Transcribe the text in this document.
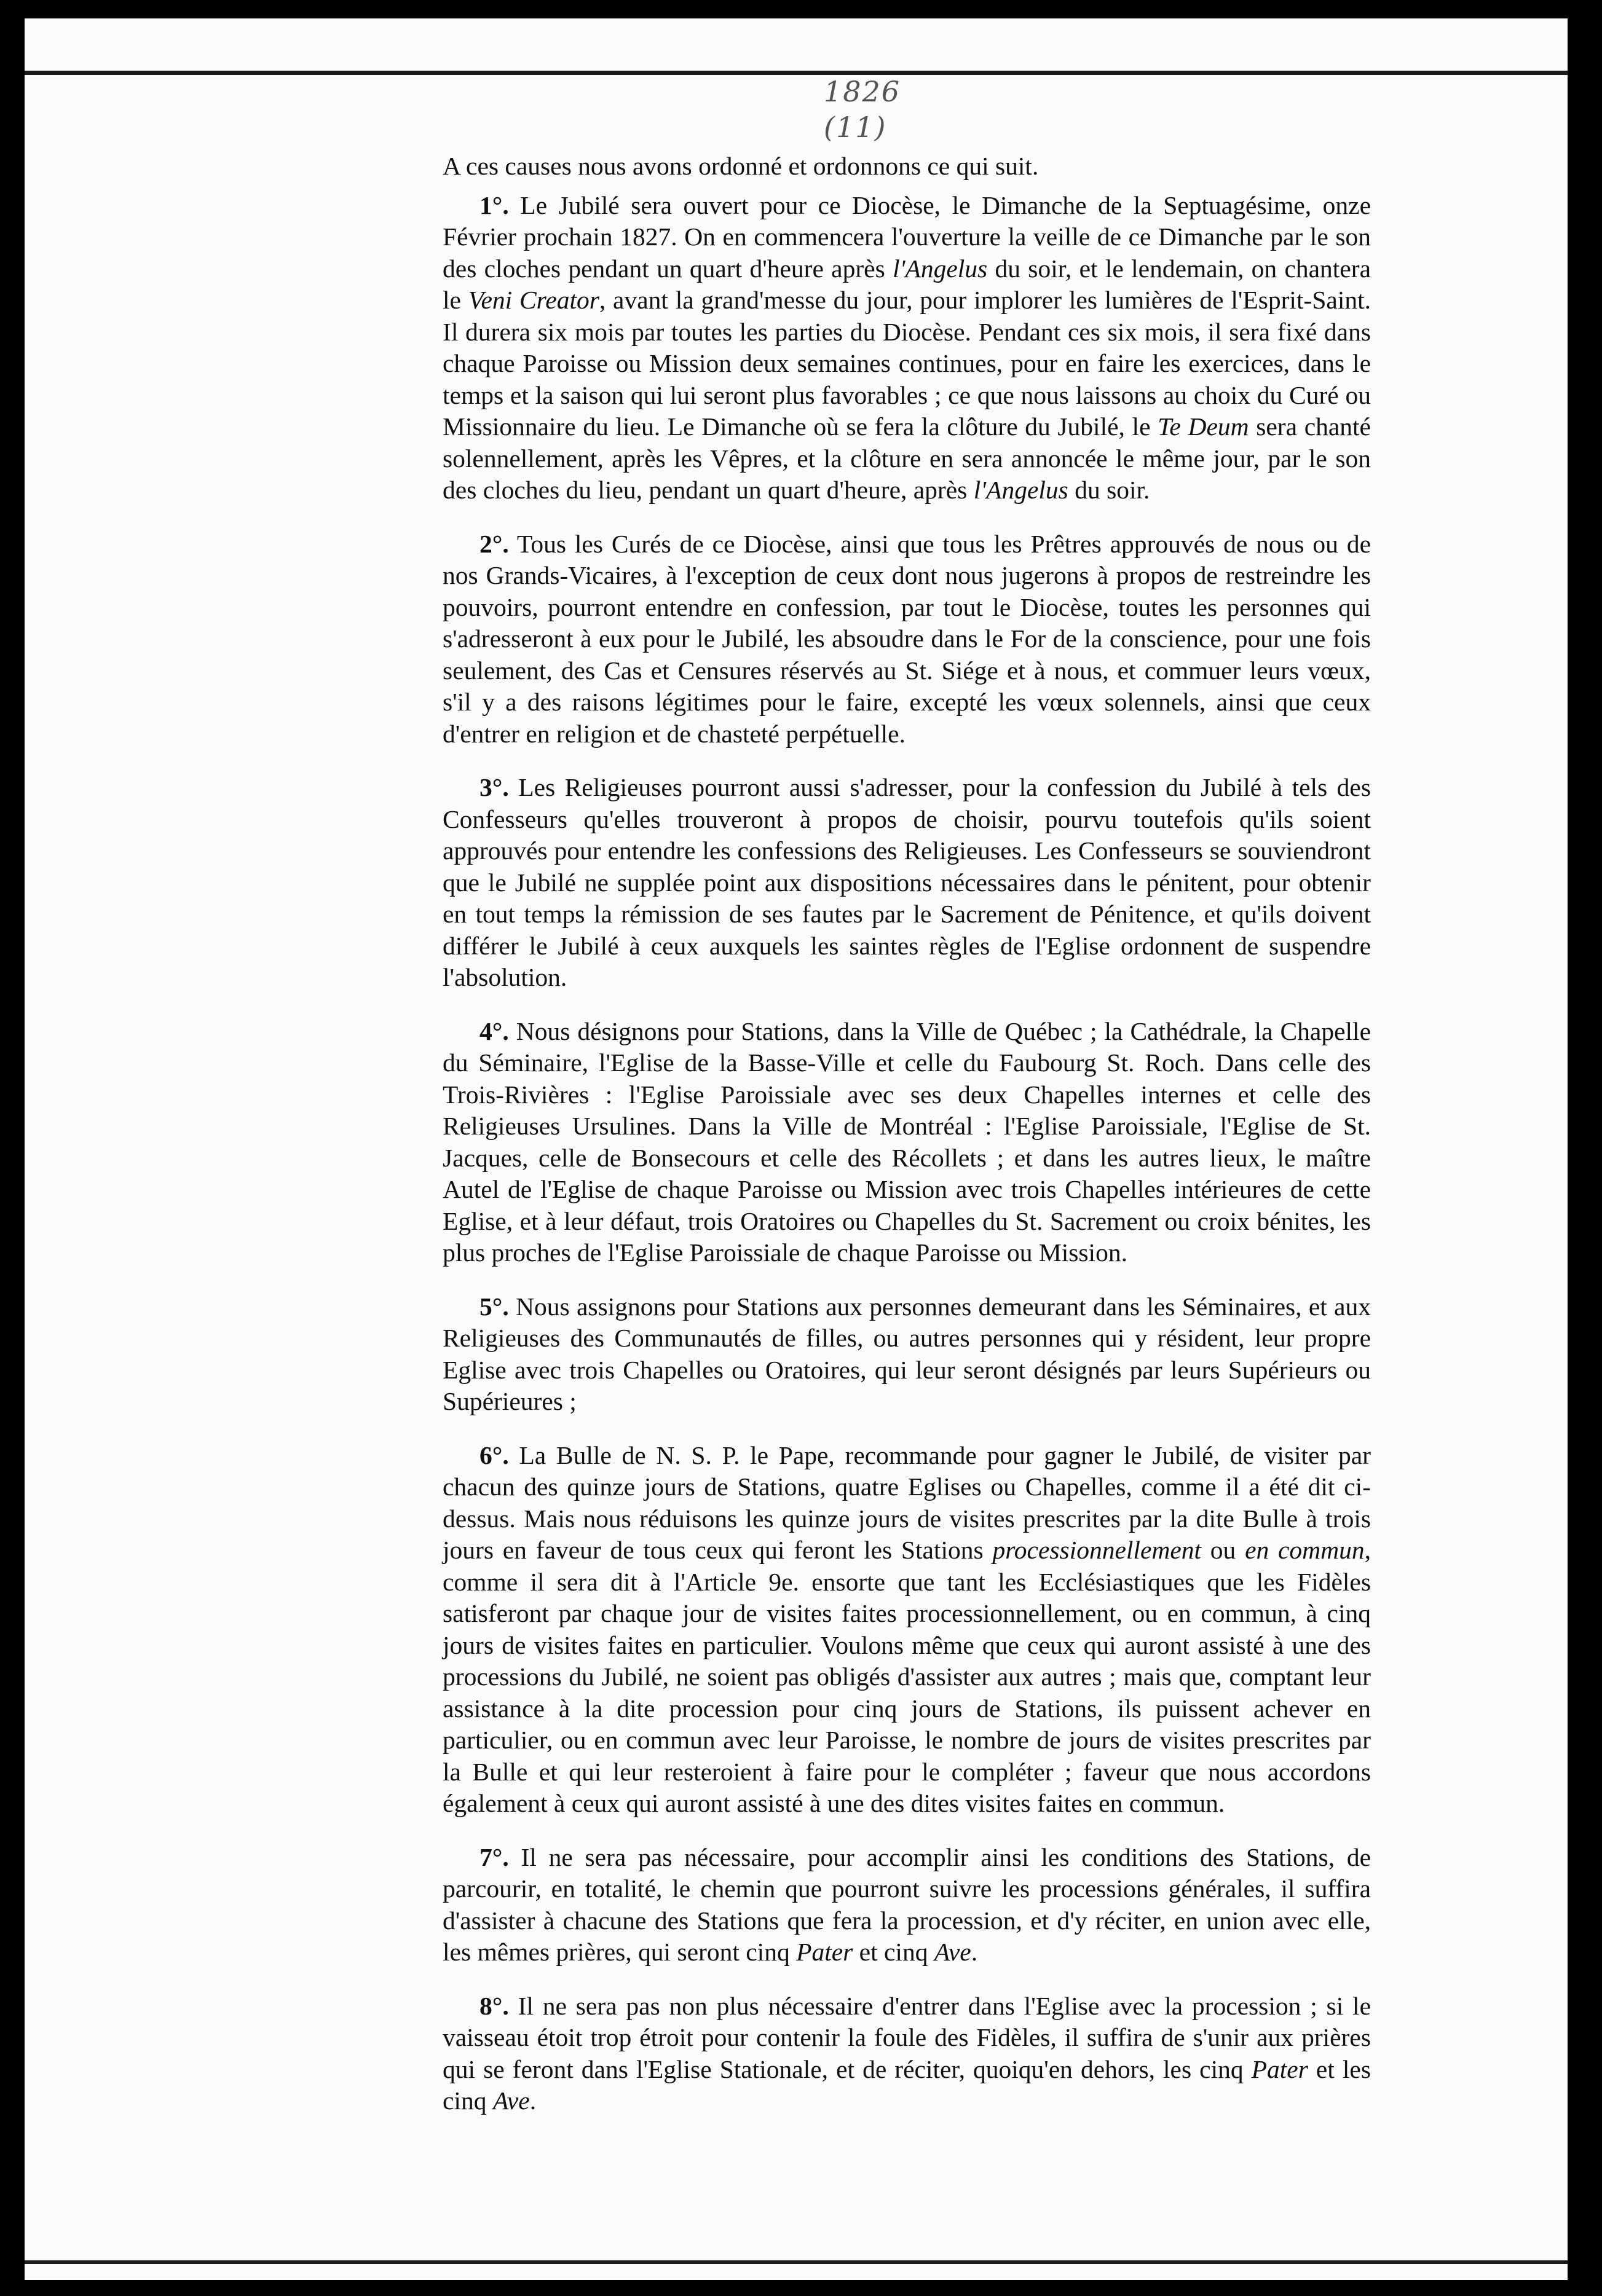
1826
(11)

A ces causes nous avons ordonné et ordonnons ce qui suit.

1°. Le Jubilé sera ouvert pour ce Diocèse, le Dimanche de la Septuagésime, onze Février prochain 1827. On en commencera l'ouverture la veille de ce Dimanche par le son des cloches pendant un quart d'heure après l'Angelus du soir, et le lendemain, on chantera le Veni Creator, avant la grand'messe du jour, pour implorer les lumières de l'Esprit-Saint. Il durera six mois par toutes les parties du Diocèse. Pendant ces six mois, il sera fixé dans chaque Paroisse ou Mission deux semaines continues, pour en faire les exercices, dans le temps et la saison qui lui seront plus favorables ; ce que nous laissons au choix du Curé ou Missionnaire du lieu. Le Dimanche où se fera la clôture du Jubilé, le Te Deum sera chanté solennellement, après les Vêpres, et la clôture en sera annoncée le même jour, par le son des cloches du lieu, pendant un quart d'heure, après l'Angelus du soir.

2°. Tous les Curés de ce Diocèse, ainsi que tous les Prêtres approuvés de nous ou de nos Grands-Vicaires, à l'exception de ceux dont nous jugerons à propos de restreindre les pouvoirs, pourront entendre en confession, par tout le Diocèse, toutes les personnes qui s'adresseront à eux pour le Jubilé, les absoudre dans le For de la conscience, pour une fois seulement, des Cas et Censures réservés au St. Siége et à nous, et commuer leurs vœux, s'il y a des raisons légitimes pour le faire, excepté les vœux solennels, ainsi que ceux d'entrer en religion et de chasteté perpétuelle.

3°. Les Religieuses pourront aussi s'adresser, pour la confession du Jubilé à tels des Confesseurs qu'elles trouveront à propos de choisir, pourvu toutefois qu'ils soient approuvés pour entendre les confessions des Religieuses. Les Confesseurs se souviendront que le Jubilé ne supplée point aux dispositions nécessaires dans le pénitent, pour obtenir en tout temps la rémission de ses fautes par le Sacrement de Pénitence, et qu'ils doivent différer le Jubilé à ceux auxquels les saintes règles de l'Eglise ordonnent de suspendre l'absolution.

4°. Nous désignons pour Stations, dans la Ville de Québec ; la Cathédrale, la Chapelle du Séminaire, l'Eglise de la Basse-Ville et celle du Faubourg St. Roch. Dans celle des Trois-Rivières : l'Eglise Paroissiale avec ses deux Chapelles internes et celle des Religieuses Ursulines. Dans la Ville de Montréal : l'Eglise Paroissiale, l'Eglise de St. Jacques, celle de Bonsecours et celle des Récollets ; et dans les autres lieux, le maître Autel de l'Eglise de chaque Paroisse ou Mission avec trois Chapelles intérieures de cette Eglise, et à leur défaut, trois Oratoires ou Chapelles du St. Sacrement ou croix bénites, les plus proches de l'Eglise Paroissiale de chaque Paroisse ou Mission.

5°. Nous assignons pour Stations aux personnes demeurant dans les Séminaires, et aux Religieuses des Communautés de filles, ou autres personnes qui y résident, leur propre Eglise avec trois Chapelles ou Oratoires, qui leur seront désignés par leurs Supérieurs ou Supérieures ;

6°. La Bulle de N. S. P. le Pape, recommande pour gagner le Jubilé, de visiter par chacun des quinze jours de Stations, quatre Eglises ou Chapelles, comme il a été dit ci-dessus. Mais nous réduisons les quinze jours de visites prescrites par la dite Bulle à trois jours en faveur de tous ceux qui feront les Stations processionnellement ou en commun, comme il sera dit à l'Article 9e. ensorte que tant les Ecclésiastiques que les Fidèles satisferont par chaque jour de visites faites processionnellement, ou en commun, à cinq jours de visites faites en particulier. Voulons même que ceux qui auront assisté à une des processions du Jubilé, ne soient pas obligés d'assister aux autres ; mais que, comptant leur assistance à la dite procession pour cinq jours de Stations, ils puissent achever en particulier, ou en commun avec leur Paroisse, le nombre de jours de visites prescrites par la Bulle et qui leur resteroient à faire pour le compléter ; faveur que nous accordons également à ceux qui auront assisté à une des dites visites faites en commun.

7°. Il ne sera pas nécessaire, pour accomplir ainsi les conditions des Stations, de parcourir, en totalité, le chemin que pourront suivre les processions générales, il suffira d'assister à chacune des Stations que fera la procession, et d'y réciter, en union avec elle, les mêmes prières, qui seront cinq Pater et cinq Ave.

8°. Il ne sera pas non plus nécessaire d'entrer dans l'Eglise avec la procession ; si le vaisseau étoit trop étroit pour contenir la foule des Fidèles, il suffira de s'unir aux prières qui se feront dans l'Eglise Stationale, et de réciter, quoiqu'en dehors, les cinq Pater et les cinq Ave.
